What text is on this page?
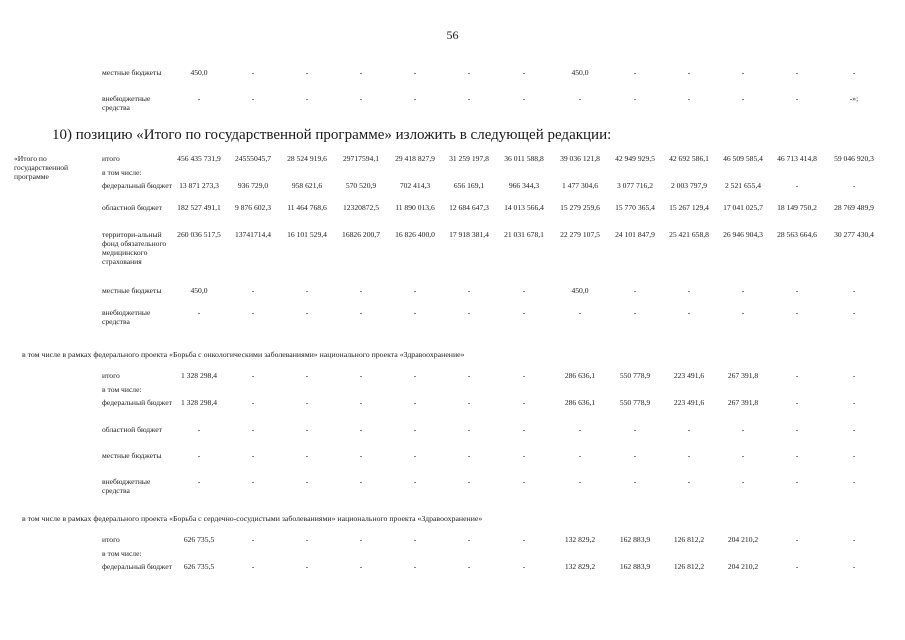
56
	местные бюджеты	450,0	-	-	-	-	-	-	450,0	-	-	-	-	-
	внебюджетные средства	-	-	-	-	-	-	-	-	-	-	-	-	-»;
10) позицию «Итого по государственной программе» изложить в следующей редакции:
«Итого по государственной программе	итого	456 435 731,9	24555045,7	28 524 919,6	29717594,1	29 418 827,9	31 259 197,8	36 011 588,8	39 036 121,8	42 949 929,5	42 692 586,1	46 509 585,4	46 713 414,8	59 046 920,3
	в том числе:													
	федеральный бюджет	13 871 273,3	936 729,0	958 621,6	570 520,9	702 414,3	656 169,1	966 344,3	1 477 304,6	3 077 716,2	2 003 797,9	2 521 655,4	-	-
	областной бюджет	182 527 491,1	9 876 602,3	11 464 768,6	12320872,5	11 890 013,6	12 684 647,3	14 013 566,4	15 279 259,6	15 770 365,4	15 267 129,4	17 041 025,7	18 149 750,2	28 769 489,9
	территори-альный фонд обязательного медицинского страхования	260 036 517,5	13741714,4	16 101 529,4	16826 200,7	16 826 400,0	17 918 381,4	21 031 678,1	22 279 107,5	24 101 847,9	25 421 658,8	26 946 904,3	28 563 664,6	30 277 430,4
	местные бюджеты	450,0	-	-	-	-	-	-	450,0	-	-	-	-	-
	внебюджетные средства	-	-	-	-	-	-	-	-	-	-	-	-	-
в том числе в рамках федерального проекта «Борьба с онкологическими заболеваниями» национального проекта «Здравоохранение»
	итого	1 328 298,4	-	-	-	-	-	-	286 636,1	550 778,9	223 491,6	267 391,8	-	-
	в том числе:													
	федеральный бюджет	1 328 298,4	-	-	-	-	-	-	286 636,1	550 778,9	223 491,6	267 391,8	-	-
	областной бюджет	-	-	-	-	-	-	-	-	-	-	-	-	-
	местные бюджеты	-	-	-	-	-	-	-	-	-	-	-	-	-
	внебюджетные средства	-	-	-	-	-	-	-	-	-	-	-	-	-
в том числе в рамках федерального проекта «Борьба с сердечно-сосудистыми заболеваниями» национального проекта «Здравоохранение»
	итого	626 735,5	-	-	-	-	-	-	132 829,2	162 883,9	126 812,2	204 210,2	-	-
	в том числе:													
	федеральный бюджет	626 735,5	-	-	-	-	-	-	132 829,2	162 883,9	126 812,2	204 210,2	-	-
